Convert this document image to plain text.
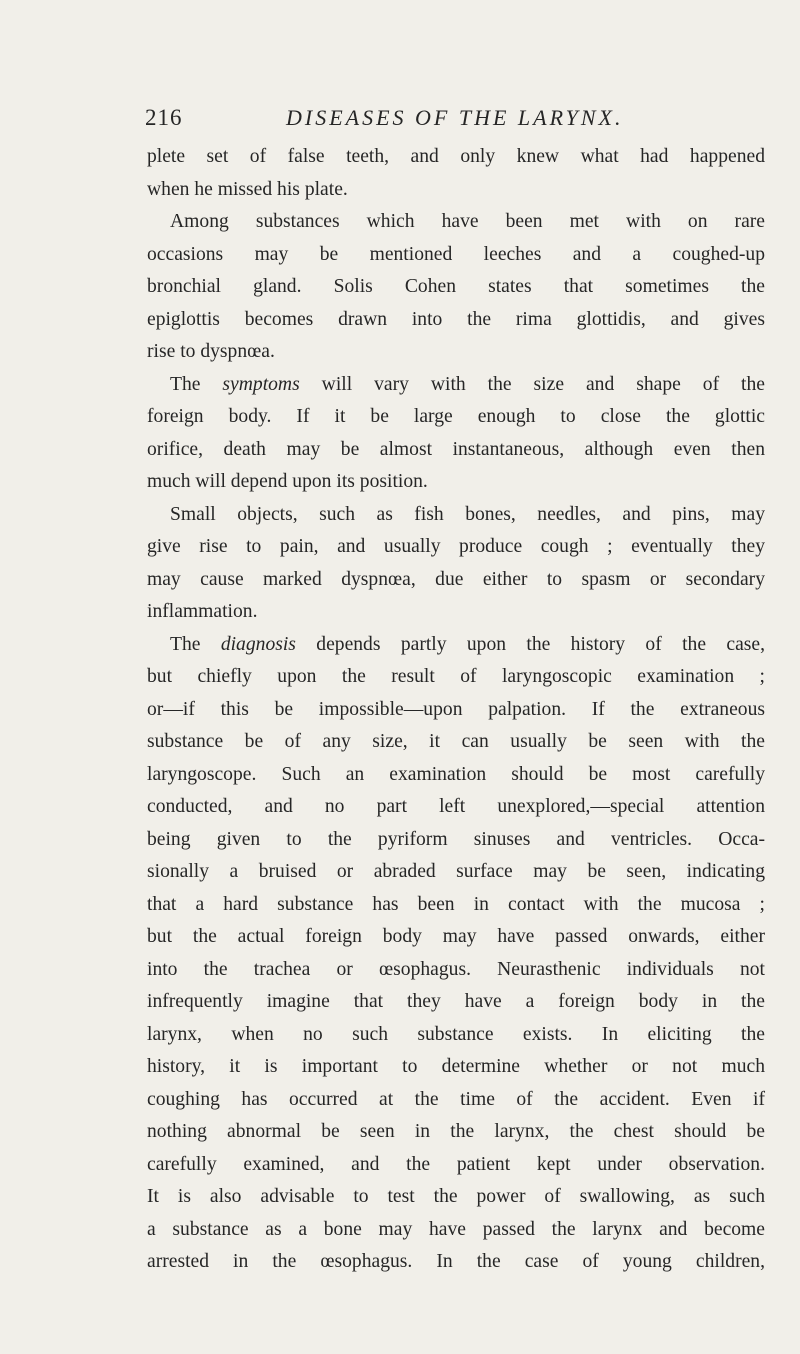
216	DISEASES OF THE LARYNX.
plete set of false teeth, and only knew what had happened
when he missed his plate.
Among substances which have been met with on rare
occasions may be mentioned leeches and a coughed-up
bronchial gland. Solis Cohen states that sometimes the
epiglottis becomes drawn into the rima glottidis, and gives
rise to dyspnœa.
The symptoms will vary with the size and shape of the
foreign body. If it be large enough to close the glottic
orifice, death may be almost instantaneous, although even then
much will depend upon its position.
Small objects, such as fish bones, needles, and pins, may
give rise to pain, and usually produce cough ; eventually they
may cause marked dyspnœa, due either to spasm or secondary
inflammation.
The diagnosis depends partly upon the history of the case,
but chiefly upon the result of laryngoscopic examination ;
or—if this be impossible—upon palpation. If the extraneous
substance be of any size, it can usually be seen with the
laryngoscope. Such an examination should be most carefully
conducted, and no part left unexplored,—special attention
being given to the pyriform sinuses and ventricles. Occa-
sionally a bruised or abraded surface may be seen, indicating
that a hard substance has been in contact with the mucosa ;
but the actual foreign body may have passed onwards, either
into the trachea or œsophagus. Neurasthenic individuals not
infrequently imagine that they have a foreign body in the
larynx, when no such substance exists. In eliciting the
history, it is important to determine whether or not much
coughing has occurred at the time of the accident. Even if
nothing abnormal be seen in the larynx, the chest should be
carefully examined, and the patient kept under observation.
It is also advisable to test the power of swallowing, as such
a substance as a bone may have passed the larynx and become
arrested in the œsophagus. In the case of young children,
